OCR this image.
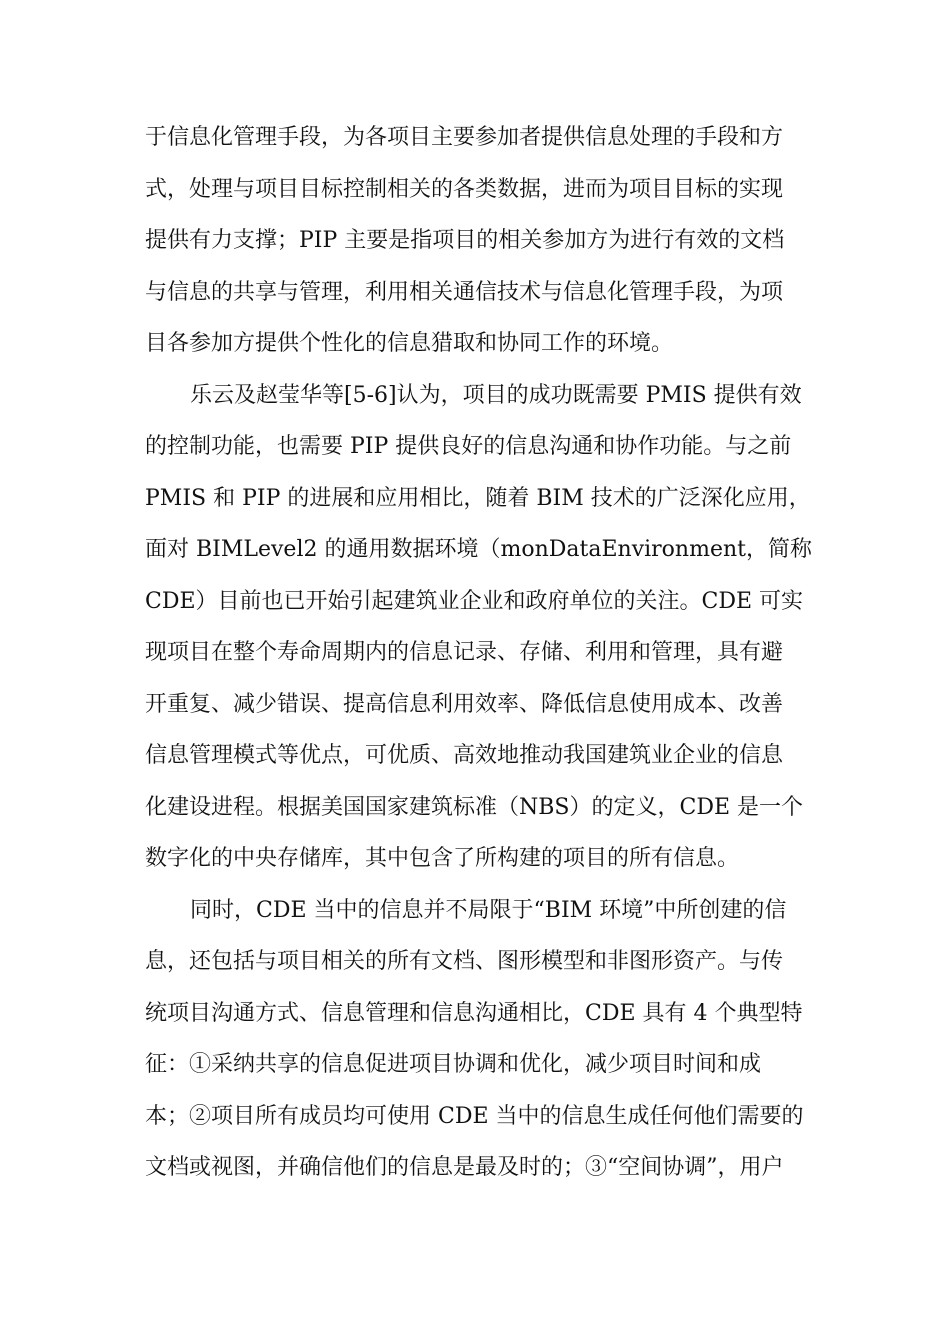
于信息化管理手段，为各项目主要参加者提供信息处理的手段和方
式，处理与项目目标控制相关的各类数据，进而为项目目标的实现
提供有力支撑；PIP 主要是指项目的相关参加方为进行有效的文档
与信息的共享与管理，利用相关通信技术与信息化管理手段，为项
目各参加方提供个性化的信息猎取和协同工作的环境。
乐云及赵莹华等[5-6]认为，项目的成功既需要 PMIS 提供有效
的控制功能，也需要 PIP 提供良好的信息沟通和协作功能。与之前
PMIS 和 PIP 的进展和应用相比，随着 BIM 技术的广泛深化应用，
面对 BIMLevel2 的通用数据环境（monDataEnvironment，简称
CDE）目前也已开始引起建筑业企业和政府单位的关注。CDE 可实
现项目在整个寿命周期内的信息记录、存储、利用和管理，具有避
开重复、减少错误、提高信息利用效率、降低信息使用成本、改善
信息管理模式等优点，可优质、高效地推动我国建筑业企业的信息
化建设进程。根据美国国家建筑标准（NBS）的定义，CDE 是一个
数字化的中央存储库，其中包含了所构建的项目的所有信息。
同时，CDE 当中的信息并不局限于“BIM 环境”中所创建的信
息，还包括与项目相关的所有文档、图形模型和非图形资产。与传
统项目沟通方式、信息管理和信息沟通相比，CDE 具有 4 个典型特
征：①采纳共享的信息促进项目协调和优化，减少项目时间和成
本；②项目所有成员均可使用 CDE 当中的信息生成任何他们需要的
文档或视图，并确信他们的信息是最及时的；③“空间协调”，用户
